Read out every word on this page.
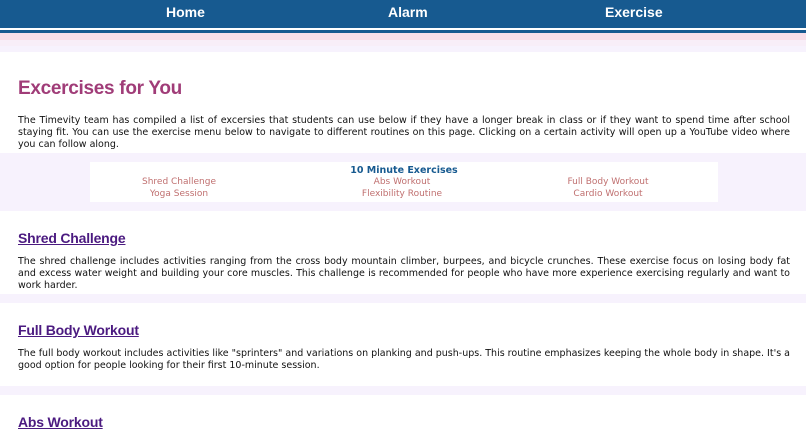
Home	Alarm	Exercise
Excercises for You

The Timevity team has compiled a list of excersies that students can use below if they have a longer break in class or if they want to spend time after school staying fit. You can use the exercise menu below to navigate to different routines on this page. Clicking on a certain activity will open up a YouTube video where you can follow along.

10 Minute Exercises
Shred Challenge	Abs Workout	Full Body Workout
Yoga Session	Flexibility Routine	Cardio Workout
Shred Challenge

The shred challenge includes activities ranging from the cross body mountain climber, burpees, and bicycle crunches. These exercise focus on losing body fat and excess water weight and building your core muscles. This challenge is recommended for people who have more experience exercising regularly and want to work harder.

Full Body Workout

The full body workout includes activities like "sprinters" and variations on planking and push-ups. This routine emphasizes keeping the whole body in shape. It's a good option for people looking for their first 10-minute session.

Abs Workout
